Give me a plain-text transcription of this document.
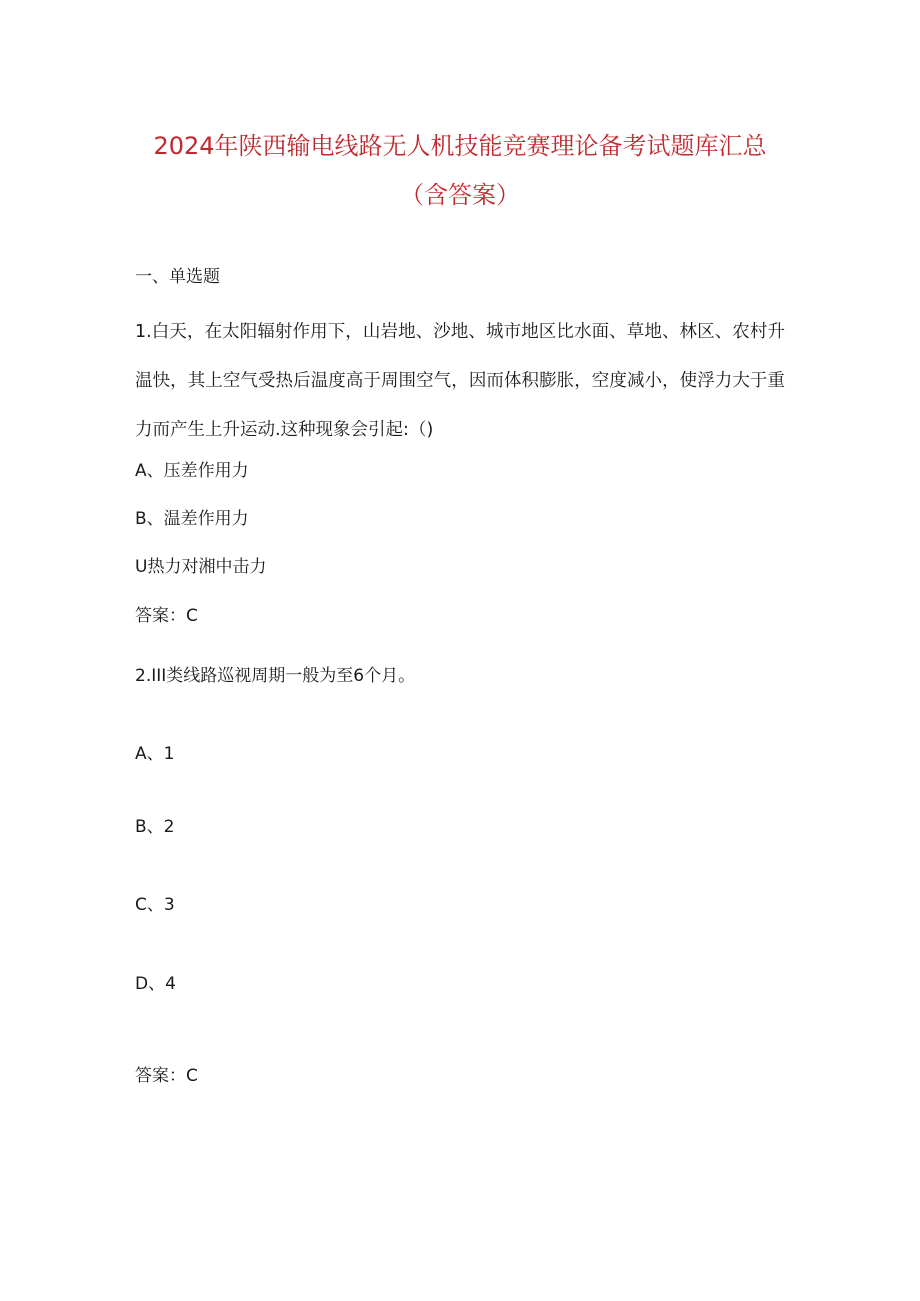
2024年陕西输电线路无人机技能竞赛理论备考试题库汇总
（含答案）
一、单选题
1.白天，在太阳辐射作用下，山岩地、沙地、城市地区比水面、草地、林区、农村升温快，其上空气受热后温度高于周围空气，因而体积膨胀，空度减小，使浮力大于重力而产生上升运动.这种现象会引起:（)
A、压差作用力
B、温差作用力
U热力对湘中击力
答案：C
2.III类线路巡视周期一般为至6个月。
A、1
B、2
C、3
D、4
答案：C
